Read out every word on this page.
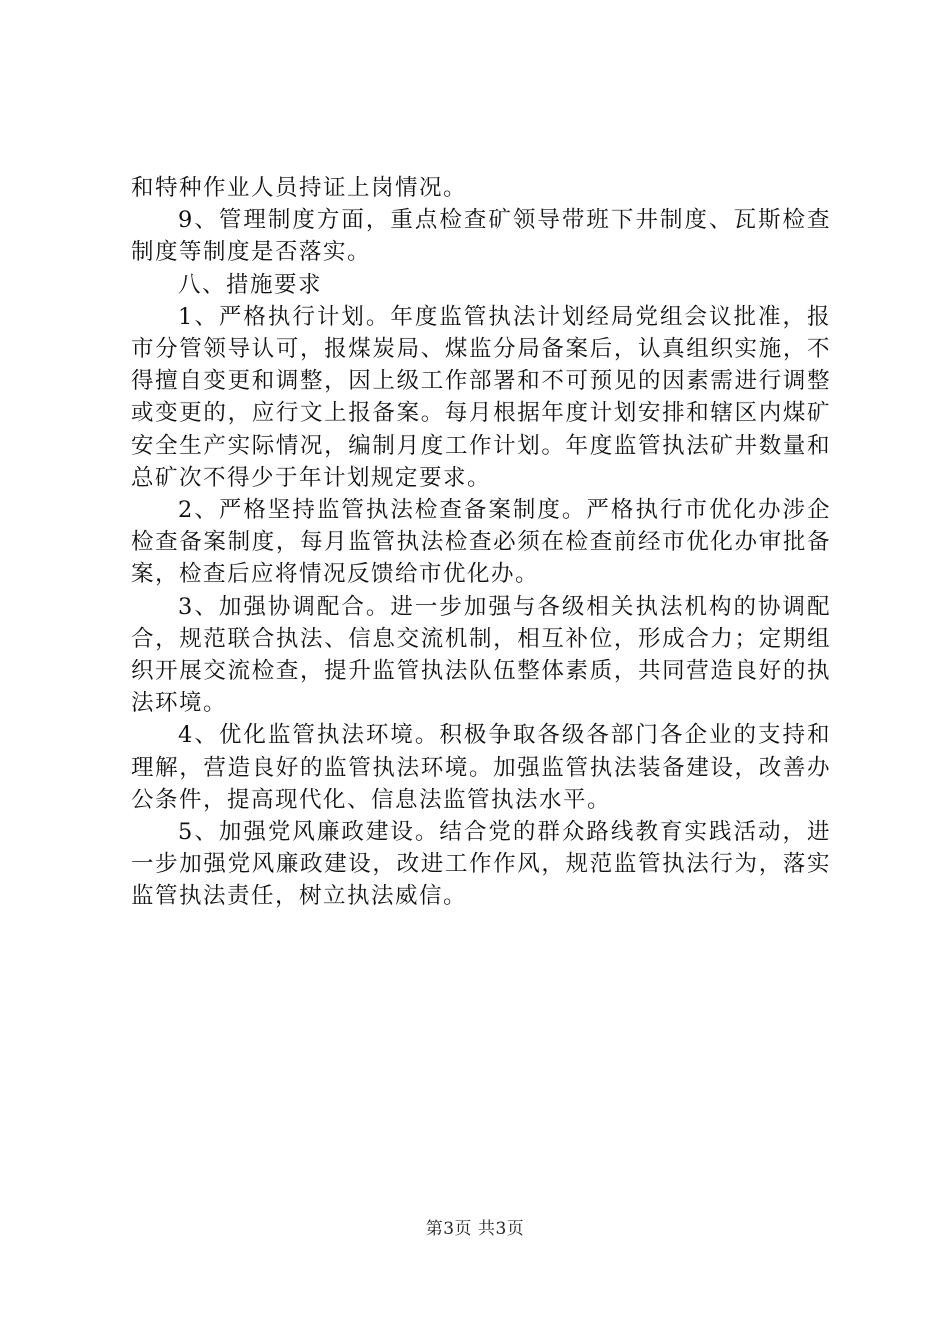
和特种作业人员持证上岗情况。

9、管理制度方面，重点检查矿领导带班下井制度、瓦斯检查制度等制度是否落实。

八、措施要求

1、严格执行计划。年度监管执法计划经局党组会议批准，报市分管领导认可，报煤炭局、煤监分局备案后，认真组织实施，不得擅自变更和调整，因上级工作部署和不可预见的因素需进行调整或变更的，应行文上报备案。每月根据年度计划安排和辖区内煤矿安全生产实际情况，编制月度工作计划。年度监管执法矿井数量和总矿次不得少于年计划规定要求。

2、严格坚持监管执法检查备案制度。严格执行市优化办涉企检查备案制度，每月监管执法检查必须在检查前经市优化办审批备案，检查后应将情况反馈给市优化办。

3、加强协调配合。进一步加强与各级相关执法机构的协调配合，规范联合执法、信息交流机制，相互补位，形成合力；定期组织开展交流检查，提升监管执法队伍整体素质，共同营造良好的执法环境。

4、优化监管执法环境。积极争取各级各部门各企业的支持和理解，营造良好的监管执法环境。加强监管执法装备建设，改善办公条件，提高现代化、信息法监管执法水平。

5、加强党风廉政建设。结合党的群众路线教育实践活动，进一步加强党风廉政建设，改进工作作风，规范监管执法行为，落实监管执法责任，树立执法威信。

第3页 共3页
